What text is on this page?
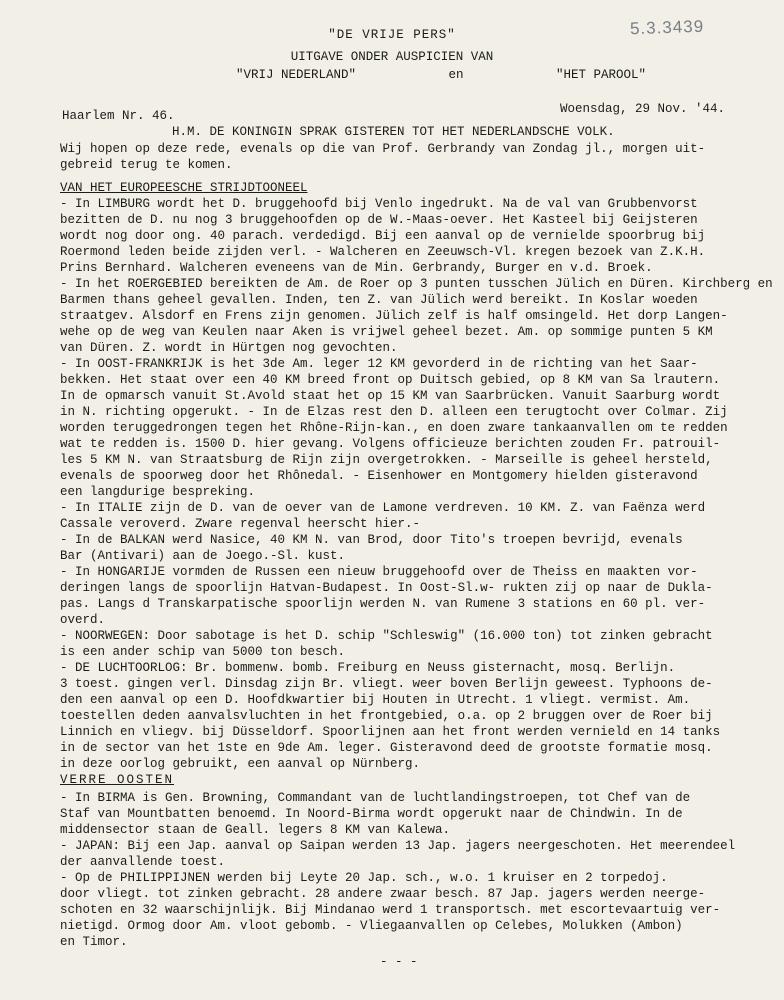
5.3.3439
"DE VRIJE PERS"
UITGAVE ONDER AUSPICIEN VAN
"VRIJ NEDERLAND"	en	"HET PAROOL"
Haarlem Nr. 46.	Woensdag, 29 Nov. '44.
H.M. DE KONINGIN SPRAK GISTEREN TOT HET NEDERLANDSCHE VOLK.
Wij hopen op deze rede, evenals op die van Prof. Gerbrandy van Zondag jl., morgen uit-
gebreid terug te komen.
VAN HET EUROPEESCHE STRIJDTOONEEL
- In LIMBURG wordt het D. bruggehoofd bij Venlo ingedrukt. Na de val van Grubbenvorst
bezitten de D. nu nog 3 bruggehoofden op de W.-Maas-oever. Het Kasteel bij Geijsteren
wordt nog door ong. 40 parach. verdedigd. Bij een aanval op de vernielde spoorbrug bij
Roermond leden beide zijden verl. - Walcheren en Zeeuwsch-Vl. kregen bezoek van Z.K.H.
Prins Bernhard. Walcheren eveneens van de Min. Gerbrandy, Burger en v.d. Broek.
- In het ROERGEBIED bereikten de Am. de Roer op 3 punten tusschen Jülich en Düren. Kirchberg en
Barmen thans geheel gevallen. Inden, ten Z. van Jülich werd bereikt. In Koslar woeden
straatgev. Alsdorf en Frens zijn genomen. Jülich zelf is half omsingeld. Het dorp Langen-
wehe op de weg van Keulen naar Aken is vrijwel geheel bezet. Am. op sommige punten 5 KM
van Düren. Z. wordt in Hürtgen nog gevochten.
- In OOST-FRANKRIJK is het 3de Am. leger 12 KM gevorderd in de richting van het Saar-
bekken. Het staat over een 40 KM breed front op Duitsch gebied, op 8 KM van Sa lrautern.
In de opmarsch vanuit St.Avold staat het op 15 KM van Saarbrücken. Vanuit Saarburg wordt
in N. richting opgerukt. - In de Elzas rest den D. alleen een terugtocht over Colmar. Zij
worden teruggedrongen tegen het Rhône-Rijn-kan., en doen zware tankaanvallen om te redden
wat te redden is. 1500 D. hier gevang. Volgens officieuze berichten zouden Fr. patrouil-
les 5 KM N. van Straatsburg de Rijn zijn overgetrokken. - Marseille is geheel hersteld,
evenals de spoorweg door het Rhônedal. - Eisenhower en Montgomery hielden gisteravond
een langdurige bespreking.
- In ITALIE zijn de D. van de oever van de Lamone verdreven. 10 KM. Z. van Faënza werd
Cassale veroverd. Zware regenval heerscht hier.-
- In de BALKAN werd Nasice, 40 KM N. van Brod, door Tito's troepen bevrijd, evenals
Bar (Antivari) aan de Joego.-Sl. kust.
- In HONGARIJE vormden de Russen een nieuw bruggehoofd over de Theiss en maakten vor-
deringen langs de spoorlijn Hatvan-Budapest. In Oost-Sl.w- rukten zij op naar de Dukla-
pas. Langs d Transkarpatische spoorlijn werden N. van Rumene 3 stations en 60 pl. ver-
overd.
- NOORWEGEN: Door sabotage is het D. schip "Schleswig" (16.000 ton) tot zinken gebracht
is een ander schip van 5000 ton besch.
- DE LUCHTOORLOG: Br. bommenw. bomb. Freiburg en Neuss gisternacht, mosq. Berlijn.
3 toest. gingen verl. Dinsdag zijn Br. vliegt. weer boven Berlijn geweest. Typhoons de-
den een aanval op een D. Hoofdkwartier bij Houten in Utrecht. 1 vliegt. vermist. Am.
toestellen deden aanvalsvluchten in het frontgebied, o.a. op 2 bruggen over de Roer bij
Linnich en vliegv. bij Düsseldorf. Spoorlijnen aan het front werden vernield en 14 tanks
in de sector van het 1ste en 9de Am. leger. Gisteravond deed de grootste formatie mosq.
in deze oorlog gebruikt, een aanval op Nürnberg.
VERRE OOSTEN
- In BIRMA is Gen. Browning, Commandant van de luchtlandingstroepen, tot Chef van de
Staf van Mountbatten benoemd. In Noord-Birma wordt opgerukt naar de Chindwin. In de
middensector staan de Geall. legers 8 KM van Kalewa.
- JAPAN: Bij een Jap. aanval op Saipan werden 13 Jap. jagers neergeschoten. Het meerendeel
der aanvallende toest.
- Op de PHILIPPIJNEN werden bij Leyte 20 Jap. sch., w.o. 1 kruiser en 2 torpedoj.
door vliegt. tot zinken gebracht. 28 andere zwaar besch. 87 Jap. jagers werden neerge-
schoten en 32 waarschijnlijk. Bij Mindanao werd 1 transportsch. met escortevaartuig ver-
nietigd. Ormog door Am. vloot gebomb. - Vliegaanvallen op Celebes, Molukken (Ambon)
en Timor.
- - -
